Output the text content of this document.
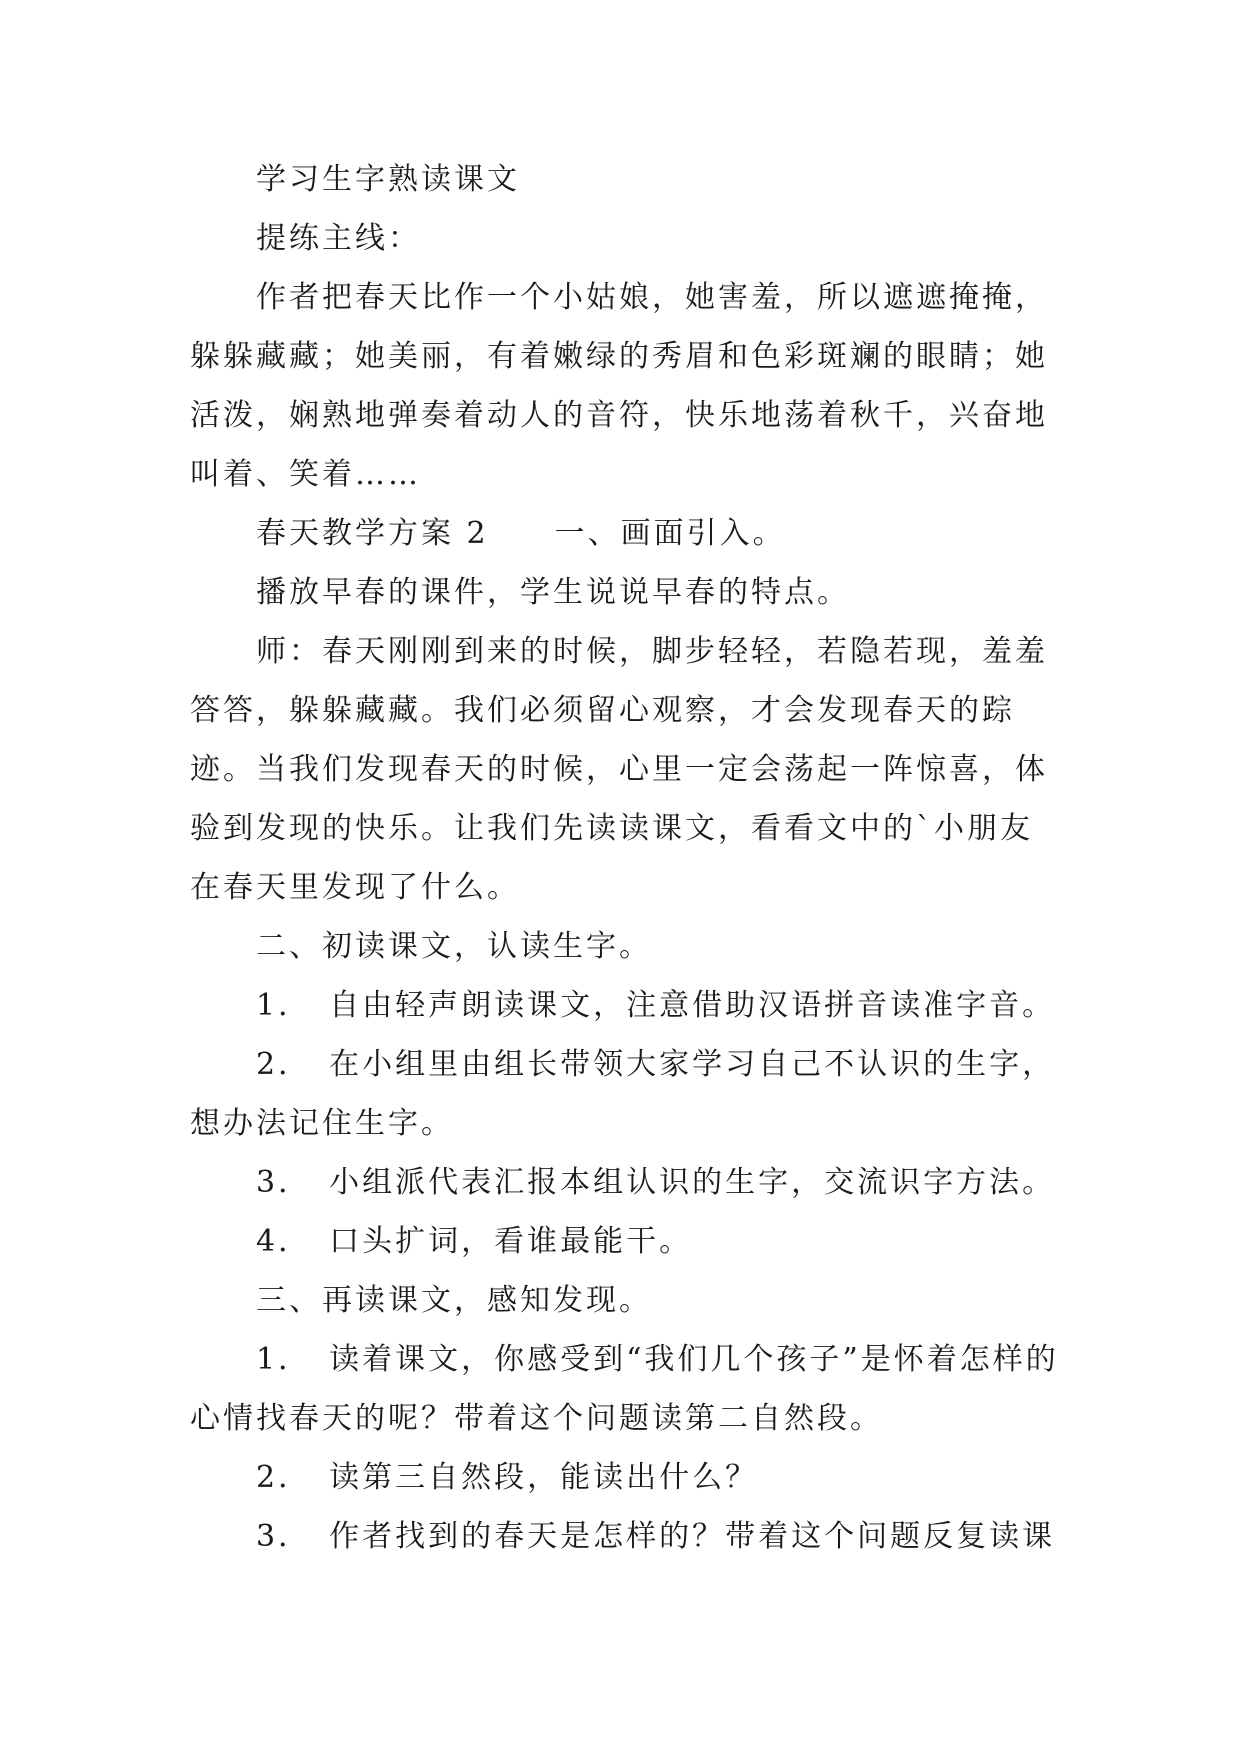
学习生字熟读课文

提练主线：

作者把春天比作一个小姑娘，她害羞，所以遮遮掩掩，躲躲藏藏；她美丽，有着嫩绿的秀眉和色彩斑斓的眼睛；她活泼，娴熟地弹奏着动人的音符，快乐地荡着秋千，兴奋地叫着、笑着……

春天教学方案 2　　一、画面引入。

播放早春的课件，学生说说早春的特点。

师：春天刚刚到来的时候，脚步轻轻，若隐若现，羞羞答答，躲躲藏藏。我们必须留心观察，才会发现春天的踪迹。当我们发现春天的时候，心里一定会荡起一阵惊喜，体验到发现的快乐。让我们先读读课文，看看文中的`小朋友在春天里发现了什么。

二、初读课文，认读生字。

1．　自由轻声朗读课文，注意借助汉语拼音读准字音。

2．　在小组里由组长带领大家学习自己不认识的生字，想办法记住生字。

3．　小组派代表汇报本组认识的生字，交流识字方法。

4．　口头扩词，看谁最能干。

三、再读课文，感知发现。

1．　读着课文，你感受到“我们几个孩子”是怀着怎样的心情找春天的呢？带着这个问题读第二自然段。

2．　读第三自然段，能读出什么？

3．　作者找到的春天是怎样的？带着这个问题反复读课
